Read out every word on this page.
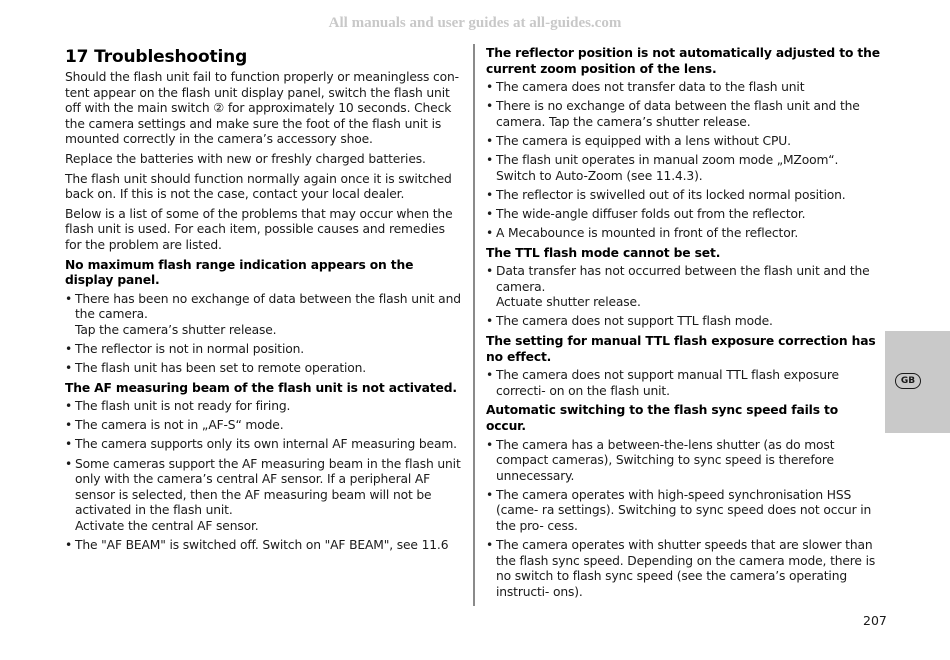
All manuals and user guides at all-guides.com
17 Troubleshooting

Should the flash unit fail to function properly or meaningless con- tent appear on the flash unit display panel, switch the flash unit off with the main switch ② for approximately 10 seconds. Check the camera settings and make sure the foot of the flash unit is mounted correctly in the camera’s accessory shoe.

Replace the batteries with new or freshly charged batteries.

The flash unit should function normally again once it is switched back on. If this is not the case, contact your local dealer.

Below is a list of some of the problems that may occur when the flash unit is used. For each item, possible causes and remedies for the problem are listed.

No maximum flash range indication appears on the display panel.
• There has been no exchange of data between the flash unit and the camera.
Tap the camera’s shutter release.
• The reflector is not in normal position.
• The flash unit has been set to remote operation.
The AF measuring beam of the flash unit is not activated.
• The flash unit is not ready for firing.
• The camera is not in „AF-S“ mode.
• The camera supports only its own internal AF measuring beam.
• Some cameras support the AF measuring beam in the flash unit only with the camera’s central AF sensor. If a peripheral AF sensor is selected, then the AF measuring beam will not be activated in the flash unit.
Activate the central AF sensor.
• The "AF BEAM" is switched off. Switch on "AF BEAM", see 11.6
The reflector position is not automatically adjusted to the current zoom position of the lens.
• The camera does not transfer data to the flash unit
• There is no exchange of data between the flash unit and the camera. Tap the camera’s shutter release.
• The camera is equipped with a lens without CPU.
• The flash unit operates in manual zoom mode „MZoom“.
Switch to Auto-Zoom (see 11.4.3).
• The reflector is swivelled out of its locked normal position.
• The wide-angle diffuser folds out from the reflector.
• A Mecabounce is mounted in front of the reflector.
The TTL flash mode cannot be set.
• Data transfer has not occurred between the flash unit and the camera.
Actuate shutter release.
• The camera does not support TTL flash mode.
The setting for manual TTL flash exposure correction has no effect.
• The camera does not support manual TTL flash exposure correcti- on on the flash unit.
Automatic switching to the flash sync speed fails to occur.
• The camera has a between-the-lens shutter (as do most compact cameras), Switching to sync speed is therefore unnecessary.
• The camera operates with high-speed synchronisation HSS (came- ra settings). Switching to sync speed does not occur in the pro- cess.
• The camera operates with shutter speeds that are slower than the flash sync speed. Depending on the camera mode, there is no switch to flash sync speed (see the camera’s operating instructi- ons).
GB
207
